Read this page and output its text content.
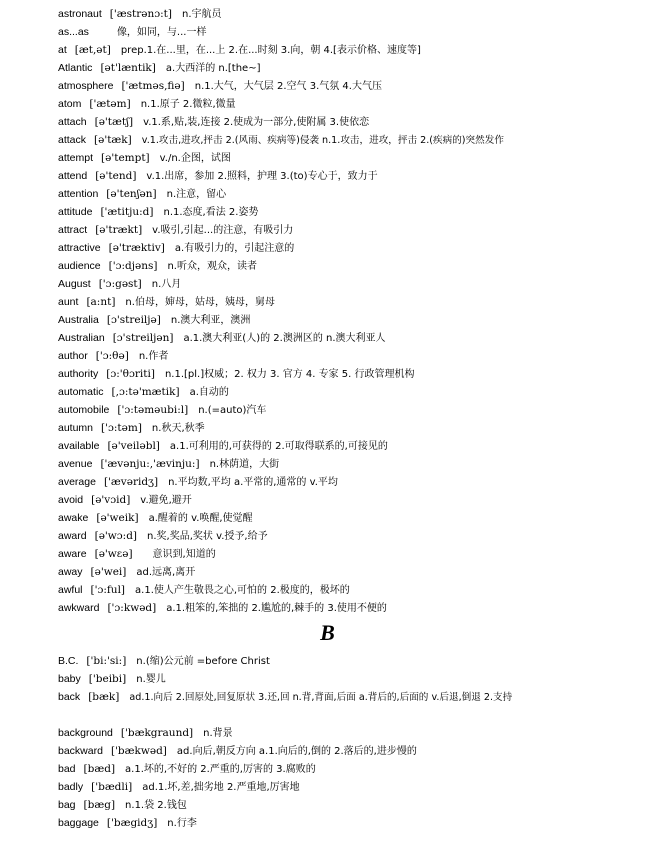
astronaut ['æstrənɔ:t] n.宇航员
as...as	像，如同，与...一样
at [æt,ət] prep.1.在...里，在...上 2.在...时刻 3.向，朝 4.[表示价格、速度等]
Atlantic [ət'læntik] a.大西洋的 n.[the~]
atmosphere ['ætməs,fiə] n.1.大气，大气层 2.空气 3.气氛 4.大气压
atom ['ætəm] n.1.原子 2.微粒,微量
attach [ə'tætʃ] v.1.系,贴,装,连接 2.使成为一部分,使附属 3.使依恋
attack [ə'tæk] v.1.攻击,进攻,抨击 2.(风雨、疾病等)侵袭 n.1.攻击，进攻，抨击 2.(疾病的)突然发作
attempt [ə'tempt] v./n.企图，试图
attend [ə'tend] v.1.出席，参加 2.照料，护理 3.(to)专心于，致力于
attention [ə'tenʃən] n.注意，留心
attitude ['ætitju:d] n.1.态度,看法 2.姿势
attract [ə'trækt] v.吸引,引起...的注意，有吸引力
attractive [ə'træktiv] a.有吸引力的，引起注意的
audience ['ɔ:djəns] n.听众，观众，读者
August ['ɔ:gəst] n.八月
aunt [a:nt] n.伯母，婶母，姑母，姨母，舅母
Australia [ɔ'streiljə] n.澳大利亚，澳洲
Australian [ɔ'streiljən] a.1.澳大利亚(人)的 2.澳洲区的 n.澳大利亚人
author ['ɔ:θə] n.作者
authority [ɔ:'θɔriti] n.1.[pl.]权威；2. 权力 3. 官方 4. 专家 5. 行政管理机构
automatic [,ɔ:tə'mætik] a.自动的
automobile ['ɔ:təməubi:l] n.(=auto)汽车
autumn ['ɔ:təm] n.秋天,秋季
available [ə'veiləbl] a.1.可利用的,可获得的 2.可取得联系的,可接见的
avenue ['ævənju:,'ævinju:] n.林荫道，大街
average ['ævəridʒ] n.平均数,平均 a.平常的,通常的 v.平均
avoid [ə'vɔid] v.避免,避开
awake [ə'weik] a.醒着的 v.唤醒,使觉醒
award [ə'wɔ:d] n.奖,奖品,奖状 v.授予,给予
aware [ə'wεə] 意识到,知道的
away [ə'wei] ad.远离,离开
awful ['ɔ:ful] a.1.使人产生敬畏之心,可怕的 2.极度的，极坏的
awkward ['ɔ:kwəd] a.1.粗笨的,笨拙的 2.尴尬的,棘手的 3.使用不便的
B
B.C. ['bi:'si:] n.(缩)公元前 =before Christ
baby ['beibi] n.婴儿
back [bæk] ad.1.向后 2.回原处,回复原状 3.还,回 n.背,背面,后面 a.背后的,后面的 v.后退,倒退 2.支持
background ['bækgraund] n.背景
backward ['bækwəd] ad.向后,朝反方向 a.1.向后的,倒的 2.落后的,进步慢的
bad [bæd] a.1.坏的,不好的 2.严重的,厉害的 3.腐败的
badly ['bædli] ad.1.坏,差,拙劣地 2.严重地,厉害地
bag [bæg] n.1.袋 2.钱包
baggage ['bægidʒ] n.行李
